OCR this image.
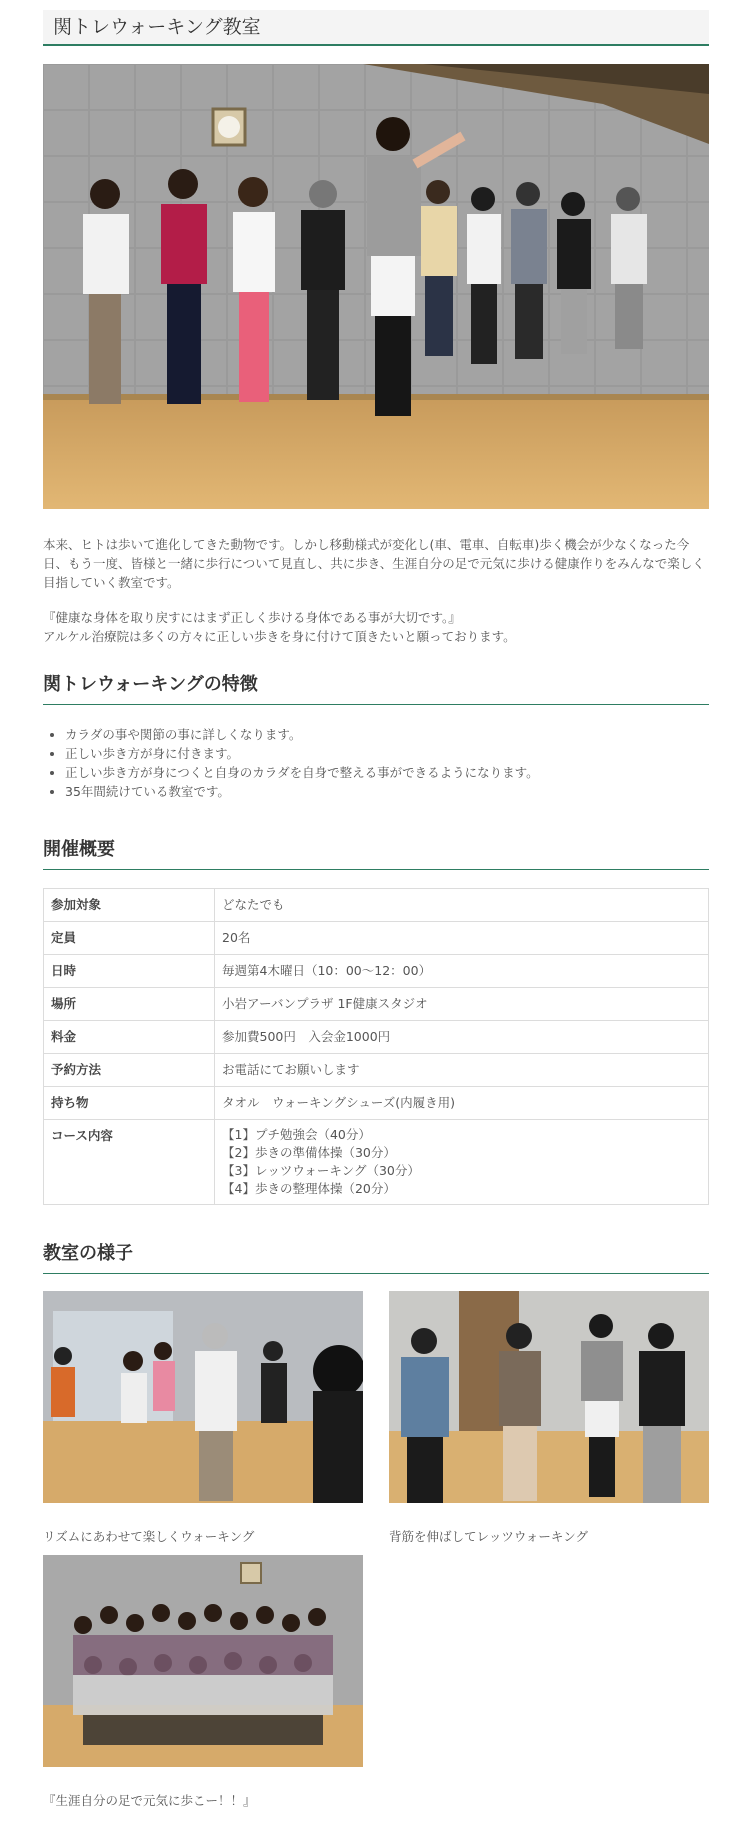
関トレウォーキング教室

本来、ヒトは歩いて進化してきた動物です。しかし移動様式が変化し(車、電車、自転車)歩く機会が少なくなった今日、もう一度、皆様と一緒に歩行について見直し、共に歩き、生涯自分の足で元気に歩ける健康作りをみんなで楽しく目指していく教室です。

『健康な身体を取り戻すにはまず正しく歩ける身体である事が大切です。』
アルケル治療院は多くの方々に正しい歩きを身に付けて頂きたいと願っております。

関トレウォーキングの特徴
• カラダの事や関節の事に詳しくなります。
• 正しい歩き方が身に付きます。
• 正しい歩き方が身につくと自身のカラダを自身で整える事ができるようになります。
• 35年間続けている教室です。
開催概要
参加対象	どなたでも
定員	20名
日時	毎週第4木曜日（10：00～12：00）
場所	小岩アーバンプラザ 1F健康スタジオ
料金	参加費500円　入会金1000円
予約方法	お電話にてお願いします
持ち物	タオル　ウォーキングシューズ(内履き用)
コース内容	【1】プチ勉強会（40分）
【2】歩きの準備体操（30分）
【3】レッツウォーキング（30分）
【4】歩きの整理体操（20分）
教室の様子
リズムにあわせて楽しくウォーキング	背筋を伸ばしてレッツウォーキング
『生涯自分の足で元気に歩こー！！』
